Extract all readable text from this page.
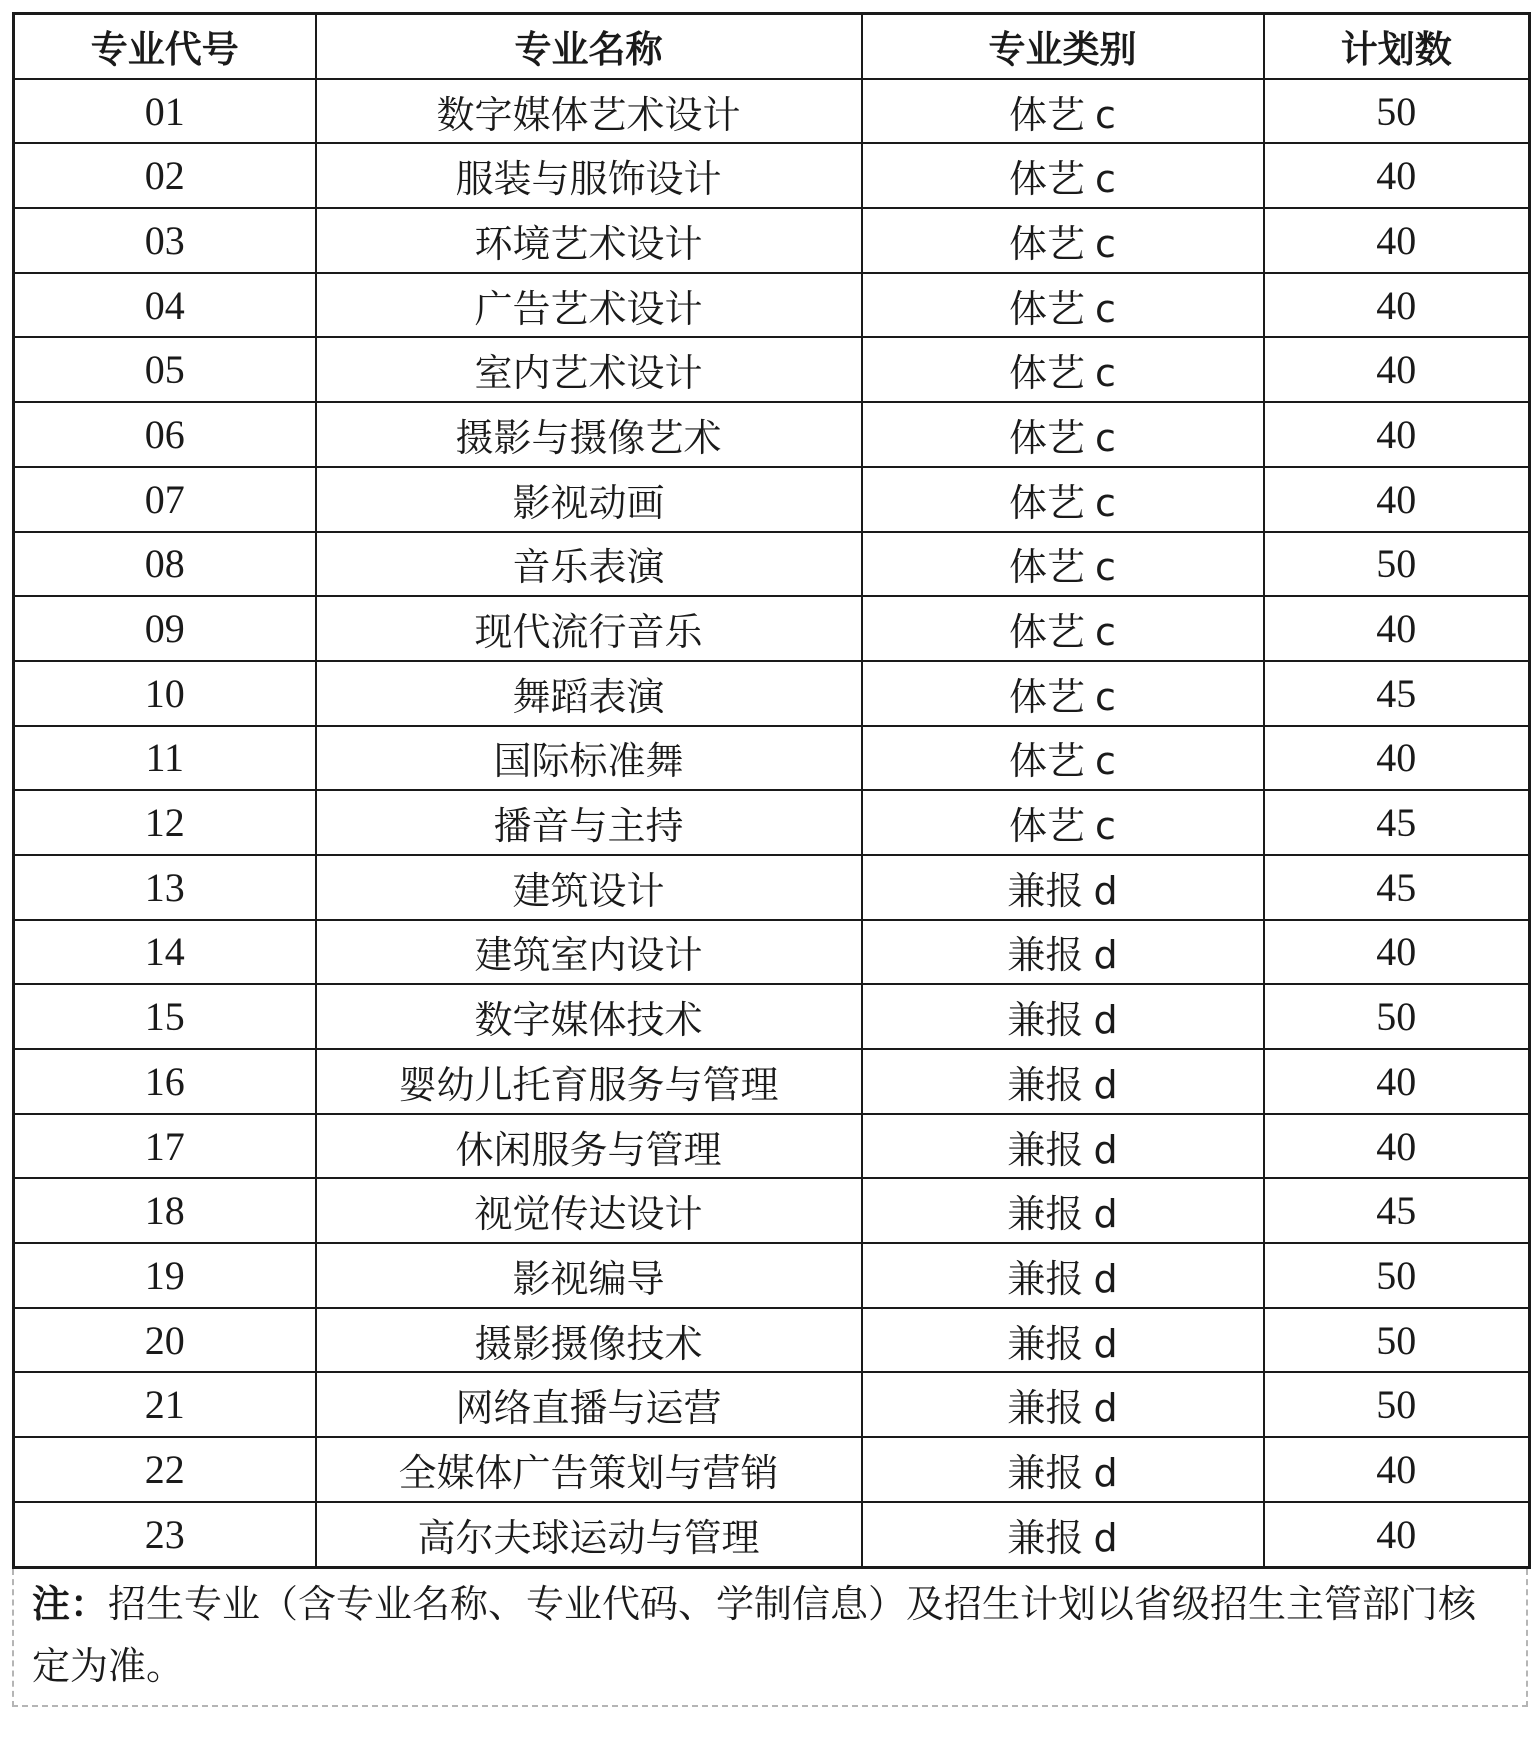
专业代号	专业名称	专业类别	计划数
01	数字媒体艺术设计	体艺 c	50
02	服装与服饰设计	体艺 c	40
03	环境艺术设计	体艺 c	40
04	广告艺术设计	体艺 c	40
05	室内艺术设计	体艺 c	40
06	摄影与摄像艺术	体艺 c	40
07	影视动画	体艺 c	40
08	音乐表演	体艺 c	50
09	现代流行音乐	体艺 c	40
10	舞蹈表演	体艺 c	45
11	国际标准舞	体艺 c	40
12	播音与主持	体艺 c	45
13	建筑设计	兼报 d	45
14	建筑室内设计	兼报 d	40
15	数字媒体技术	兼报 d	50
16	婴幼儿托育服务与管理	兼报 d	40
17	休闲服务与管理	兼报 d	40
18	视觉传达设计	兼报 d	45
19	影视编导	兼报 d	50
20	摄影摄像技术	兼报 d	50
21	网络直播与运营	兼报 d	50
22	全媒体广告策划与营销	兼报 d	40
23	高尔夫球运动与管理	兼报 d	40
注：招生专业（含专业名称、专业代码、学制信息）及招生计划以省级招生主管部门核定为准。
